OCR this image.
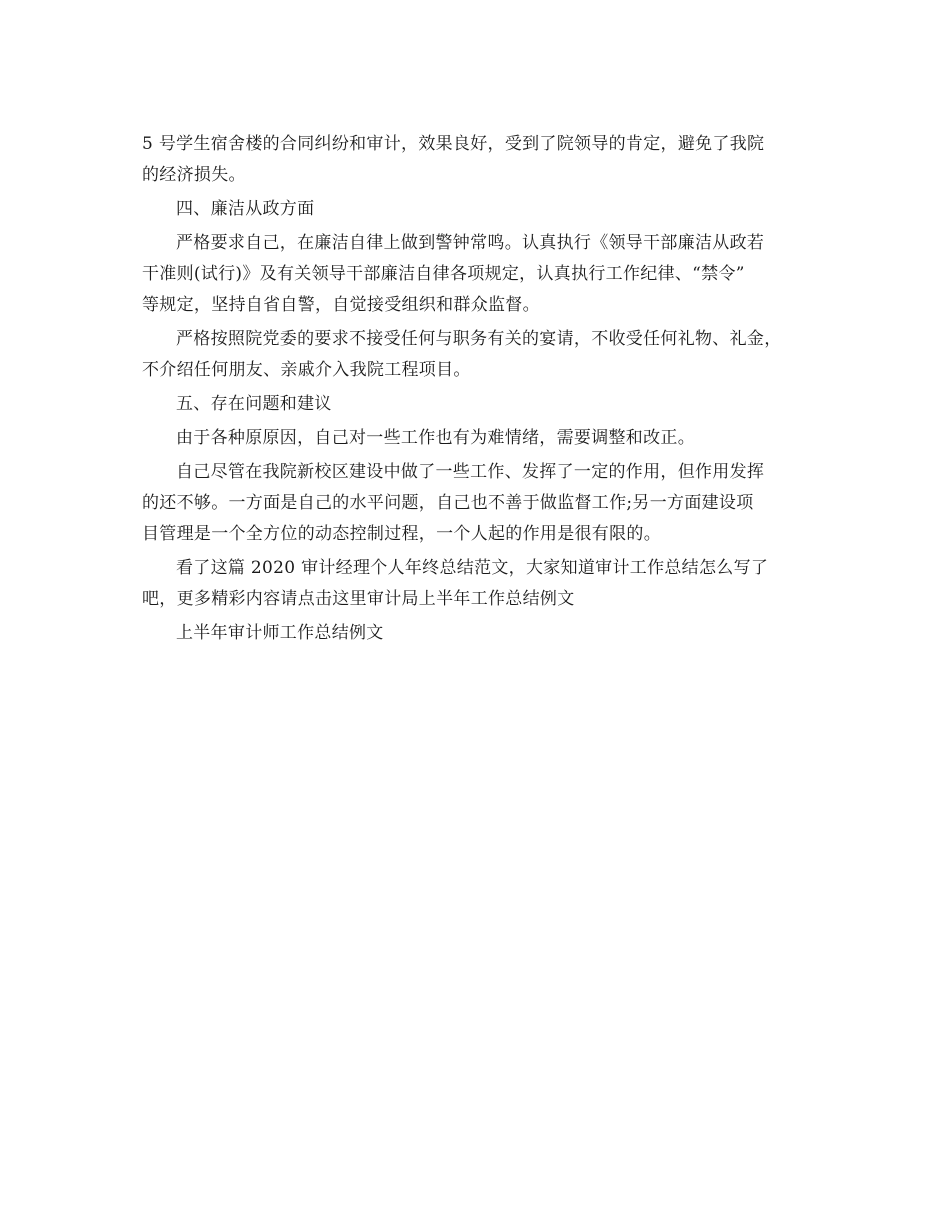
5 号学生宿舍楼的合同纠纷和审计，效果良好，受到了院领导的肯定，避免了我院
的经济损失。
四、廉洁从政方面
严格要求自己，在廉洁自律上做到警钟常鸣。认真执行《领导干部廉洁从政若
干准则(试行)》及有关领导干部廉洁自律各项规定，认真执行工作纪律、“禁令”
等规定，坚持自省自警，自觉接受组织和群众监督。
严格按照院党委的要求不接受任何与职务有关的宴请，不收受任何礼物、礼金，
不介绍任何朋友、亲戚介入我院工程项目。
五、存在问题和建议
由于各种原原因，自己对一些工作也有为难情绪，需要调整和改正。
自己尽管在我院新校区建设中做了一些工作、发挥了一定的作用，但作用发挥
的还不够。一方面是自己的水平问题，自己也不善于做监督工作;另一方面建设项
目管理是一个全方位的动态控制过程，一个人起的作用是很有限的。
看了这篇 2020 审计经理个人年终总结范文，大家知道审计工作总结怎么写了
吧，更多精彩内容请点击这里审计局上半年工作总结例文
上半年审计师工作总结例文
